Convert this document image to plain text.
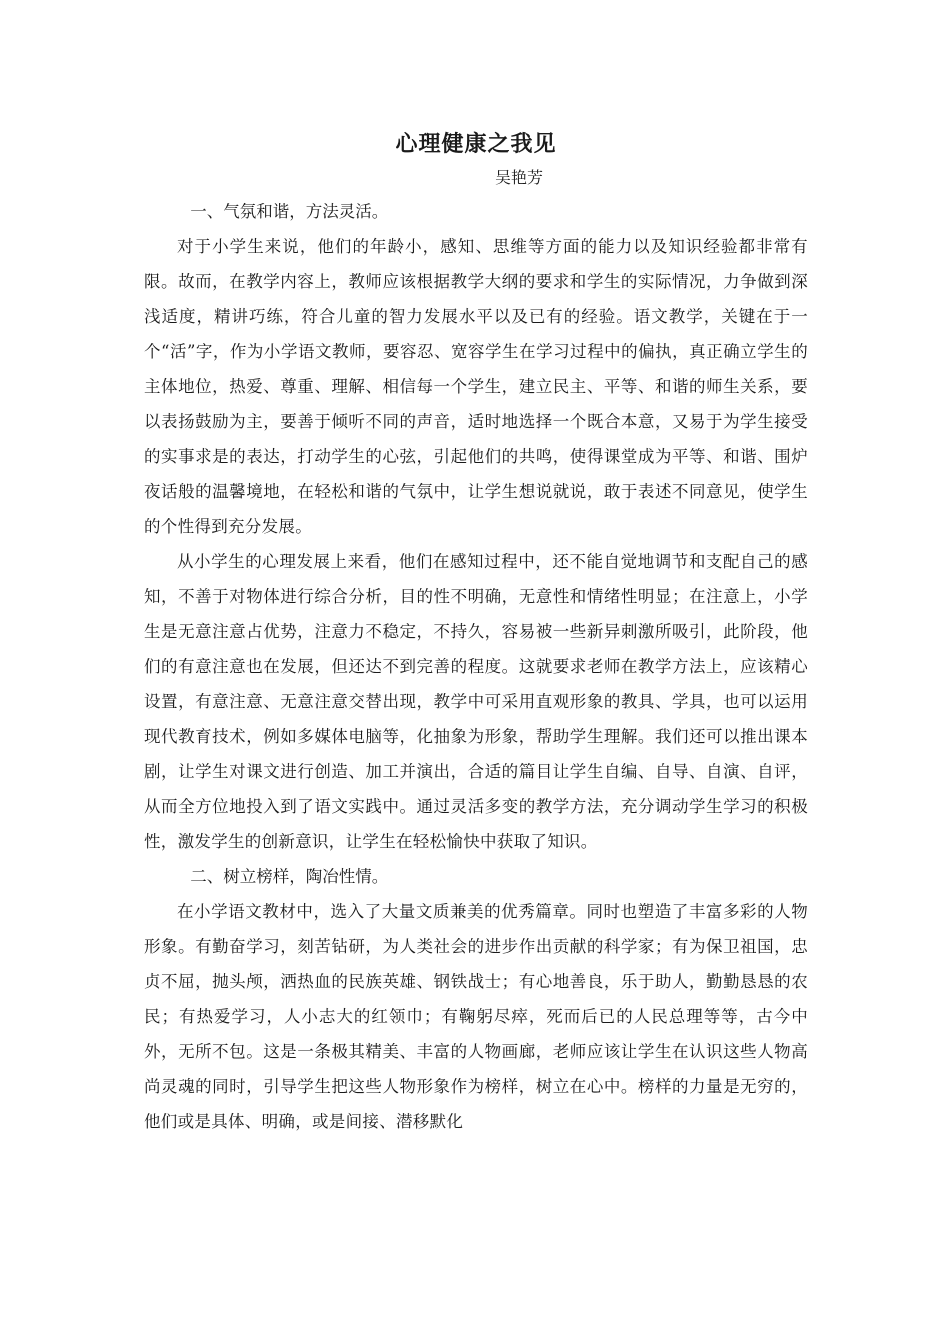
心理健康之我见

吴艳芳

一、气氛和谐，方法灵活。

对于小学生来说，他们的年龄小，感知、思维等方面的能力以及知识经验都非常有限。故而，在教学内容上，教师应该根据教学大纲的要求和学生的实际情况，力争做到深浅适度，精讲巧练，符合儿童的智力发展水平以及已有的经验。语文教学，关键在于一个“活”字，作为小学语文教师，要容忍、宽容学生在学习过程中的偏执，真正确立学生的主体地位，热爱、尊重、理解、相信每一个学生，建立民主、平等、和谐的师生关系，要以表扬鼓励为主，要善于倾听不同的声音，适时地选择一个既合本意，又易于为学生接受的实事求是的表达，打动学生的心弦，引起他们的共鸣，使得课堂成为平等、和谐、围炉夜话般的温馨境地，在轻松和谐的气氛中，让学生想说就说，敢于表述不同意见，使学生的个性得到充分发展。

从小学生的心理发展上来看，他们在感知过程中，还不能自觉地调节和支配自己的感知，不善于对物体进行综合分析，目的性不明确，无意性和情绪性明显；在注意上，小学生是无意注意占优势，注意力不稳定，不持久，容易被一些新异刺激所吸引，此阶段，他们的有意注意也在发展，但还达不到完善的程度。这就要求老师在教学方法上，应该精心设置，有意注意、无意注意交替出现，教学中可采用直观形象的教具、学具，也可以运用现代教育技术，例如多媒体电脑等，化抽象为形象，帮助学生理解。我们还可以推出课本剧，让学生对课文进行创造、加工并演出，合适的篇目让学生自编、自导、自演、自评，从而全方位地投入到了语文实践中。通过灵活多变的教学方法，充分调动学生学习的积极性，激发学生的创新意识，让学生在轻松愉快中获取了知识。

二、树立榜样，陶冶性情。

在小学语文教材中，选入了大量文质兼美的优秀篇章。同时也塑造了丰富多彩的人物形象。有勤奋学习，刻苦钻研，为人类社会的进步作出贡献的科学家；有为保卫祖国，忠贞不屈，抛头颅，洒热血的民族英雄、钢铁战士；有心地善良，乐于助人，勤勤恳恳的农民；有热爱学习，人小志大的红领巾；有鞠躬尽瘁，死而后已的人民总理等等，古今中外，无所不包。这是一条极其精美、丰富的人物画廊，老师应该让学生在认识这些人物高尚灵魂的同时，引导学生把这些人物形象作为榜样，树立在心中。榜样的力量是无穷的，他们或是具体、明确，或是间接、潜移默化
